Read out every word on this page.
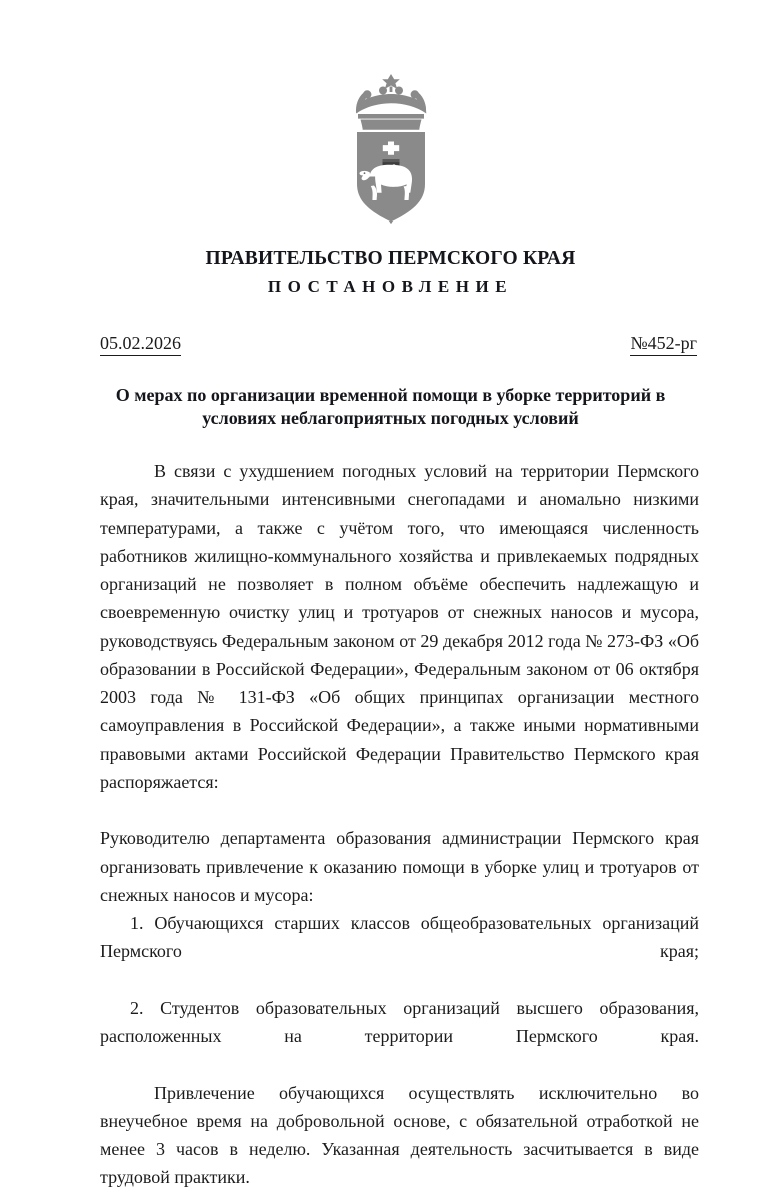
ПРАВИТЕЛЬСТВО ПЕРМСКОГО КРАЯ
ПОСТАНОВЛЕНИЕ
05.02.2026	№452-рг
О мерах по организации временной помощи в уборке территорий в условиях неблагоприятных погодных условий

В связи с ухудшением погодных условий на территории Пермского края, значительными интенсивными снегопадами и аномально низкими температурами, а также с учётом того, что имеющаяся численность работников жилищно-коммунального хозяйства и привлекаемых подрядных организаций не позволяет в полном объёме обеспечить надлежащую и своевременную очистку улиц и тротуаров от снежных наносов и мусора, руководствуясь Федеральным законом от 29 декабря 2012 года № 273-ФЗ «Об образовании в Российской Федерации», Федеральным законом от 06 октября 2003 года № 131-ФЗ «Об общих принципах организации местного самоуправления в Российской Федерации», а также иными нормативными правовыми актами Российской Федерации Правительство Пермского края распоряжается:

Руководителю департамента образования администрации Пермского края организовать привлечение к оказанию помощи в уборке улиц и тротуаров от снежных наносов и мусора:

1. Обучающихся старших классов общеобразовательных организаций Пермского края;

2. Студентов образовательных организаций высшего образования, расположенных на территории Пермского края.

Привлечение обучающихся осуществлять исключительно во внеучебное время на добровольной основе, с обязательной отработкой не менее 3 часов в неделю. Указанная деятельность засчитывается в виде трудовой практики.
